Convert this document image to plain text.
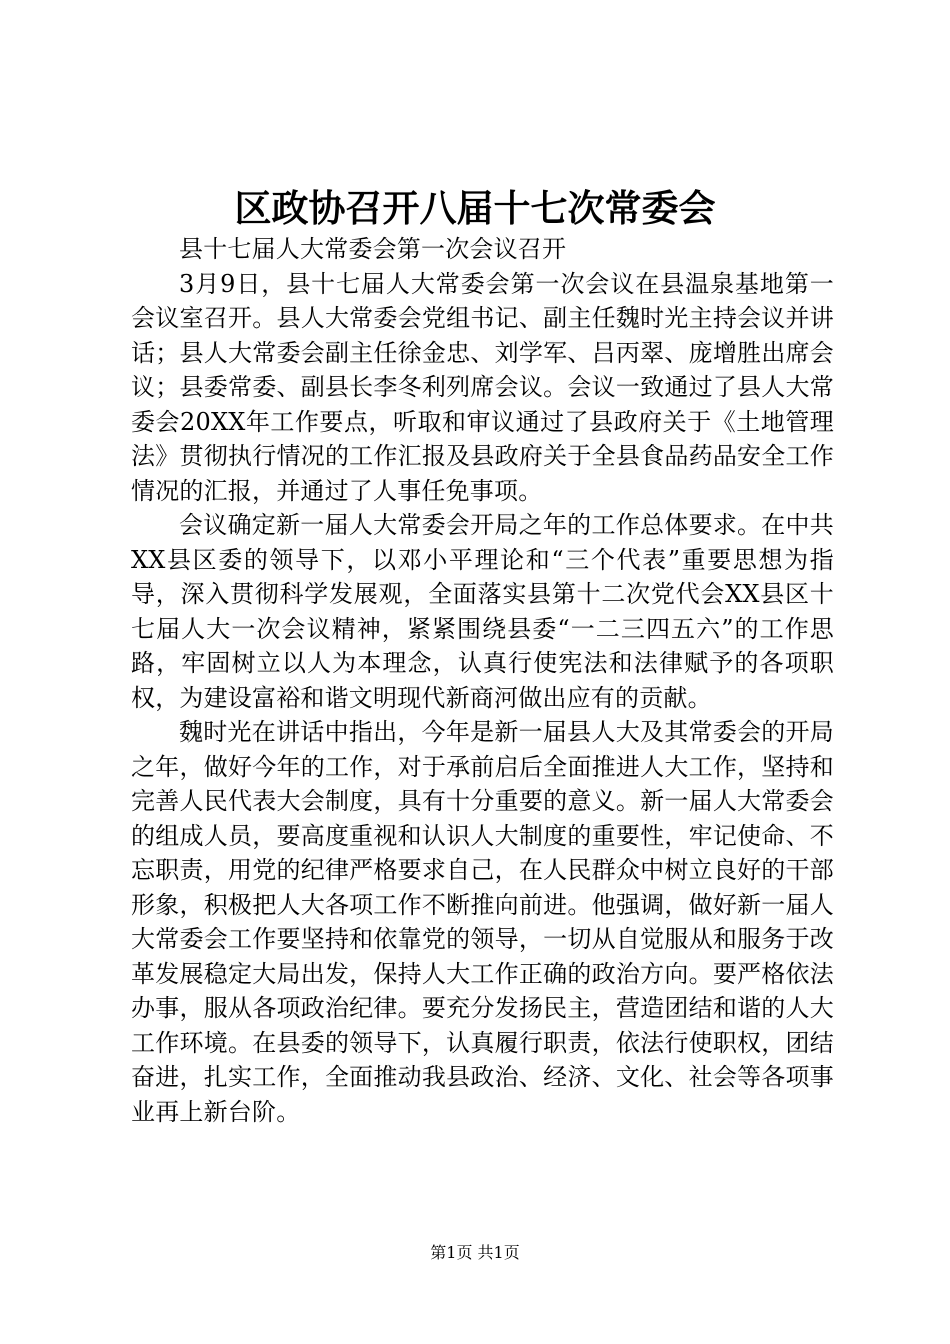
区政协召开八届十七次常委会

县十七届人大常委会第一次会议召开

3月9日，县十七届人大常委会第一次会议在县温泉基地第一会议室召开。县人大常委会党组书记、副主任魏时光主持会议并讲话；县人大常委会副主任徐金忠、刘学军、吕丙翠、庞增胜出席会议；县委常委、副县长李冬利列席会议。会议一致通过了县人大常委会20XX年工作要点，听取和审议通过了县政府关于《土地管理法》贯彻执行情况的工作汇报及县政府关于全县食品药品安全工作情况的汇报，并通过了人事任免事项。

会议确定新一届人大常委会开局之年的工作总体要求。在中共XX县区委的领导下，以邓小平理论和“三个代表”重要思想为指导，深入贯彻科学发展观，全面落实县第十二次党代会XX县区十七届人大一次会议精神，紧紧围绕县委“一二三四五六”的工作思路，牢固树立以人为本理念，认真行使宪法和法律赋予的各项职权，为建设富裕和谐文明现代新商河做出应有的贡献。

魏时光在讲话中指出，今年是新一届县人大及其常委会的开局之年，做好今年的工作，对于承前启后全面推进人大工作，坚持和完善人民代表大会制度，具有十分重要的意义。新一届人大常委会的组成人员，要高度重视和认识人大制度的重要性，牢记使命、不忘职责，用党的纪律严格要求自己，在人民群众中树立良好的干部形象，积极把人大各项工作不断推向前进。他强调，做好新一届人大常委会工作要坚持和依靠党的领导，一切从自觉服从和服务于改革发展稳定大局出发，保持人大工作正确的政治方向。要严格依法办事，服从各项政治纪律。要充分发扬民主，营造团结和谐的人大工作环境。在县委的领导下，认真履行职责，依法行使职权，团结奋进，扎实工作，全面推动我县政治、经济、文化、社会等各项事业再上新台阶。

第1页 共1页
